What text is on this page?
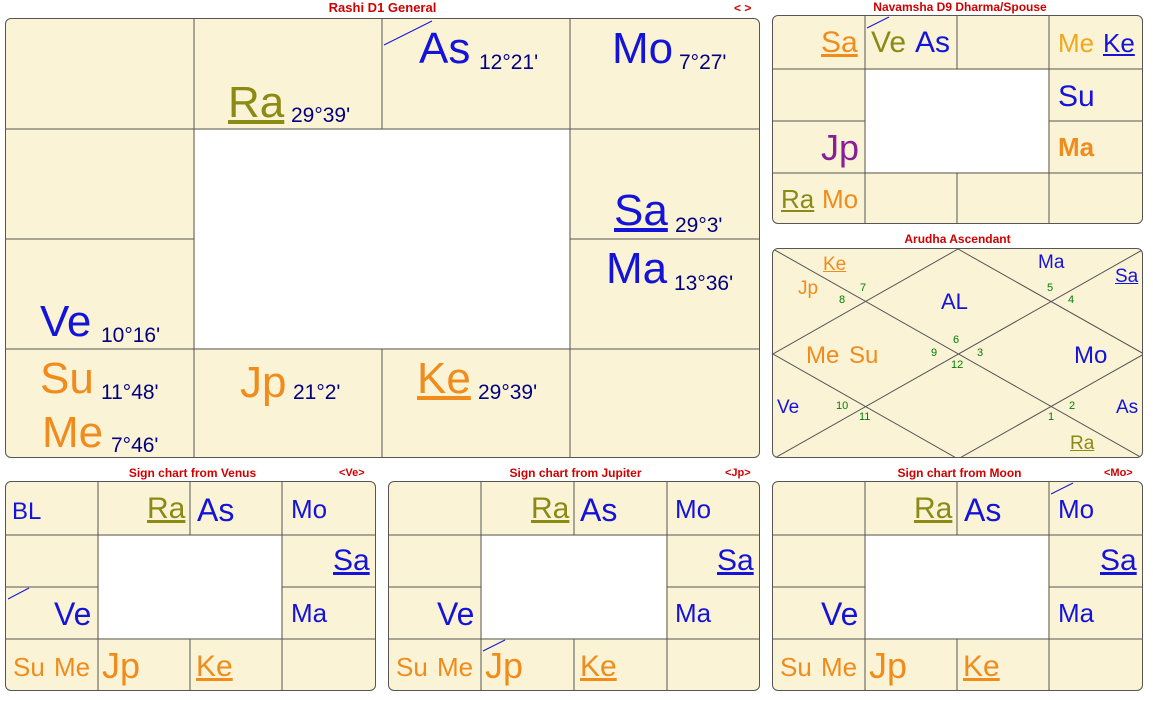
Rashi D1 General	< >
Ra 29°39'
As 12°21' Mo 7°27'
Sa 29°3'
Ma 13°36'
Ve 10°16'
Su 11°48'
Me 7°46'
Jp 21°2' Ke 29°39'
Navamsha D9 Dharma/Spouse
Sa Ve As	Me Ke
Su
Ma
Jp
Ra Mo
Arudha Ascendant
Ke
Jp
8
7
AL
Ma
5
4
Sa
Me Su	9
6
3
12	Mo
Ve	10
11	1
2 As
Ra
Sign chart from Venus	<Ve>
BL	Ra As Mo
Sa
Ma
Ve
Su Me Jp Ke
Sign chart from Jupiter	<Jp>
Ra As Mo
Sa
Ma
Ve
Su Me Jp Ke
Sign chart from Moon	<Mo>
Ra As Mo
Sa
Ma
Ve
Su Me Jp Ke
